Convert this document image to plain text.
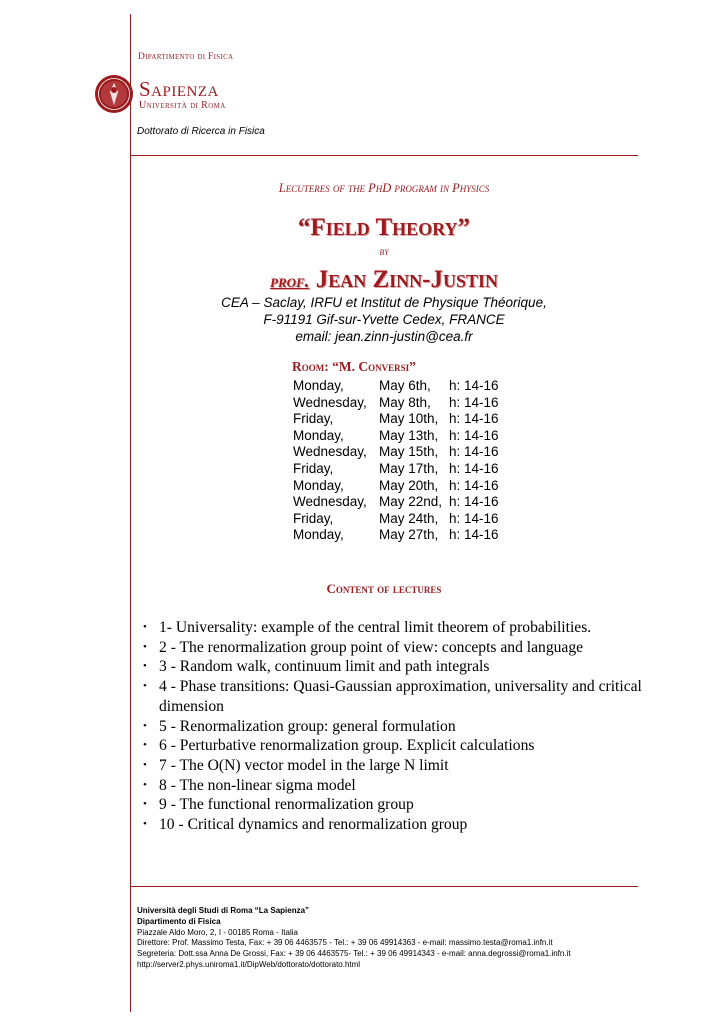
Dipartimento di Fisica
Sapienza
Università di Roma
Dottorato di Ricerca in Fisica
Lecuteres of the PhD program in Physics
“Field Theory”
by
prof. Jean Zinn-Justin
CEA – Saclay, IRFU et Institut de Physique Théorique,
F-91191 Gif-sur-Yvette Cedex, FRANCE
email: jean.zinn-justin@cea.fr
Room: “M. Conversi”
Monday,	May 6th,	h: 14-16
Wednesday,	May 8th,	h: 14-16
Friday,	May 10th,	h: 14-16
Monday,	May 13th,	h: 14-16
Wednesday,	May 15th,	h: 14-16
Friday,	May 17th,	h: 14-16
Monday,	May 20th,	h: 14-16
Wednesday,	May 22nd,	h: 14-16
Friday,	May 24th,	h: 14-16
Monday,	May 27th,	h: 14-16
Content of lectures
• 1- Universality: example of the central limit theorem of probabilities.
• 2 - The renormalization group point of view: concepts and language
• 3 - Random walk, continuum limit and path integrals
• 4 - Phase transitions: Quasi-Gaussian approximation, universality and critical dimension
• 5 - Renormalization group: general formulation
• 6 - Perturbative renormalization group. Explicit calculations
• 7 - The O(N) vector model in the large N limit
• 8 - The non-linear sigma model
• 9 - The functional renormalization group
• 10 - Critical dynamics and renormalization group
Università degli Studi di Roma “La Sapienza”
Dipartimento di Fisica
Piazzale Aldo Moro, 2, I - 00185 Roma - Italia
Direttore: Prof. Massimo Testa, Fax: + 39 06 4463575 - Tel.: + 39 06 49914363 - e-mail: massimo.testa@roma1.infn.it
Segreteria: Dott.ssa Anna De Grossi, Fax: + 39 06 4463575- Tel.: + 39 06 49914343 - e-mail: anna.degrossi@roma1.infn.it
http://server2.phys.uniroma1.it/DipWeb/dottorato/dottorato.html
